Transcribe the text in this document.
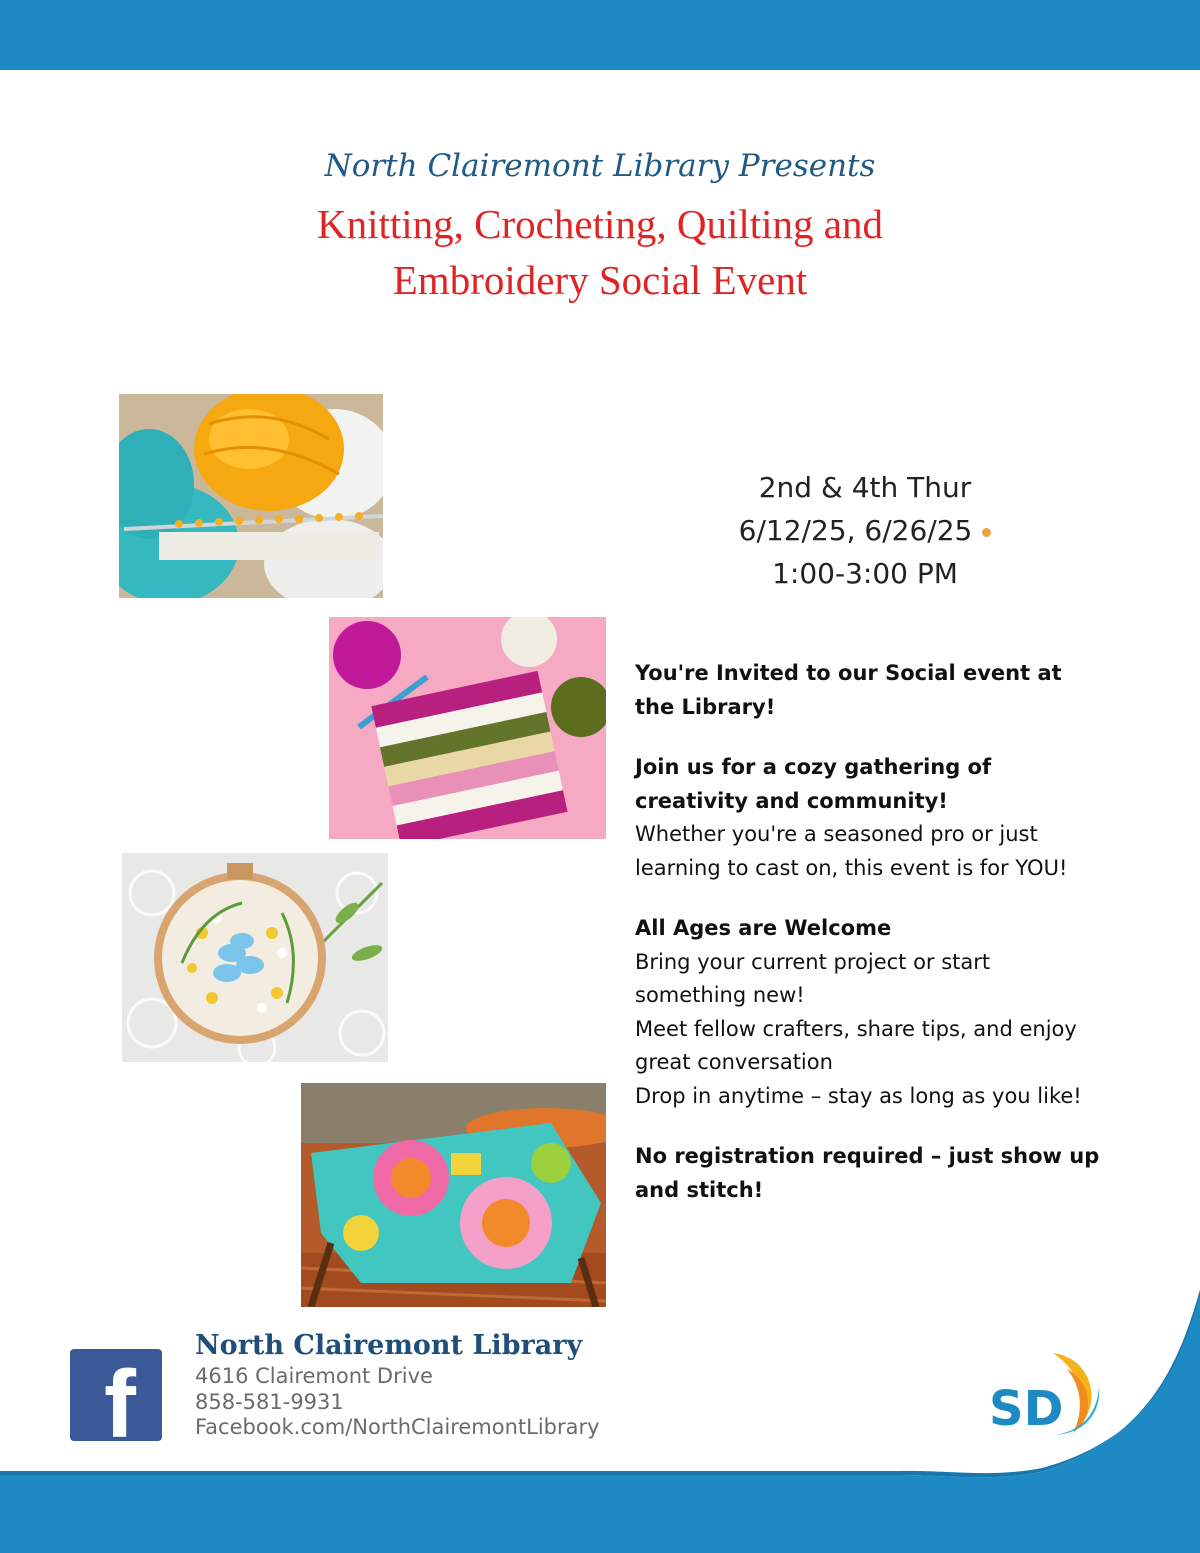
North Clairemont Library Presents
Knitting, Crocheting, Quilting and
Embroidery Social Event
2nd & 4th Thur
6/12/25, 6/26/25
1:00-3:00 PM

You're Invited to our Social event at the Library!

Join us for a cozy gathering of creativity and community!

Whether you're a seasoned pro or just learning to cast on, this event is for YOU!

All Ages are Welcome

Bring your current project or start something new!

Meet fellow crafters, share tips, and enjoy great conversation

Drop in anytime – stay as long as you like!

No registration required – just show up and stitch!

f
North Clairemont Library
4616 Clairemont Drive
858-581-9931
Facebook.com/NorthClairemontLibrary	SD
